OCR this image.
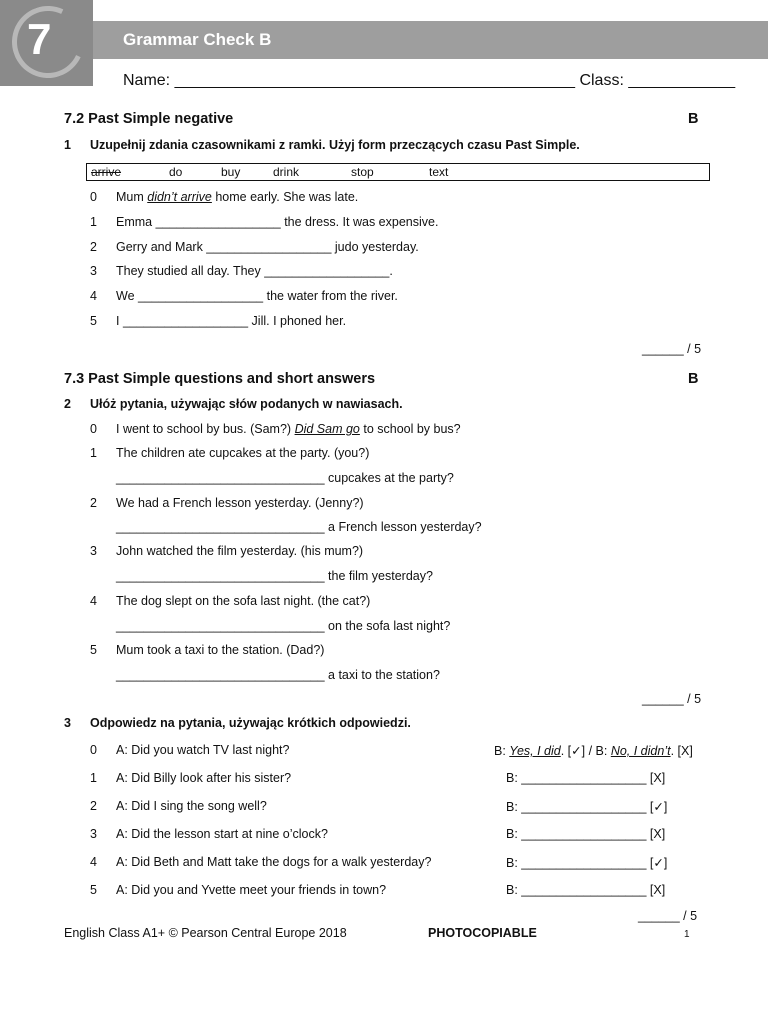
7	Grammar Check B
Name: _____________________________________________ Class: ____________
7.2 Past Simple negative	B
1 Uzupełnij zdania czasownikami z ramki. Użyj form przeczących czasu Past Simple.
arrive	do	buy	drink	stop	text
0 Mum didn’t arrive home early. She was late.
1 Emma __________________ the dress. It was expensive.
2 Gerry and Mark __________________ judo yesterday.
3 They studied all day. They __________________.
4 We __________________ the water from the river.
5 I __________________ Jill. I phoned her.
______ / 5
7.3 Past Simple questions and short answers	B
2 Ułóż pytania, używając słów podanych w nawiasach.
0 I went to school by bus. (Sam?) Did Sam go to school by bus?
1 The children ate cupcakes at the party. (you?)
______________________________ cupcakes at the party?
2 We had a French lesson yesterday. (Jenny?)
______________________________ a French lesson yesterday?
3 John watched the film yesterday. (his mum?)
______________________________ the film yesterday?
4 The dog slept on the sofa last night. (the cat?)
______________________________ on the sofa last night?
5 Mum took a taxi to the station. (Dad?)
______________________________ a taxi to the station?
______ / 5
3 Odpowiedz na pytania, używając krótkich odpowiedzi.
0 A: Did you watch TV last night?	B: Yes, I did. [✓] / B: No, I didn’t. [X]
1 A: Did Billy look after his sister?	B: __________________ [X]
2 A: Did I sing the song well?	B: __________________ [✓]
3 A: Did the lesson start at nine o’clock?	B: __________________ [X]
4 A: Did Beth and Matt take the dogs for a walk yesterday?	B: __________________ [✓]
5 A: Did you and Yvette meet your friends in town?	B: __________________ [X]
______ / 5
English Class A1+ © Pearson Central Europe 2018	PHOTOCOPIABLE	1
